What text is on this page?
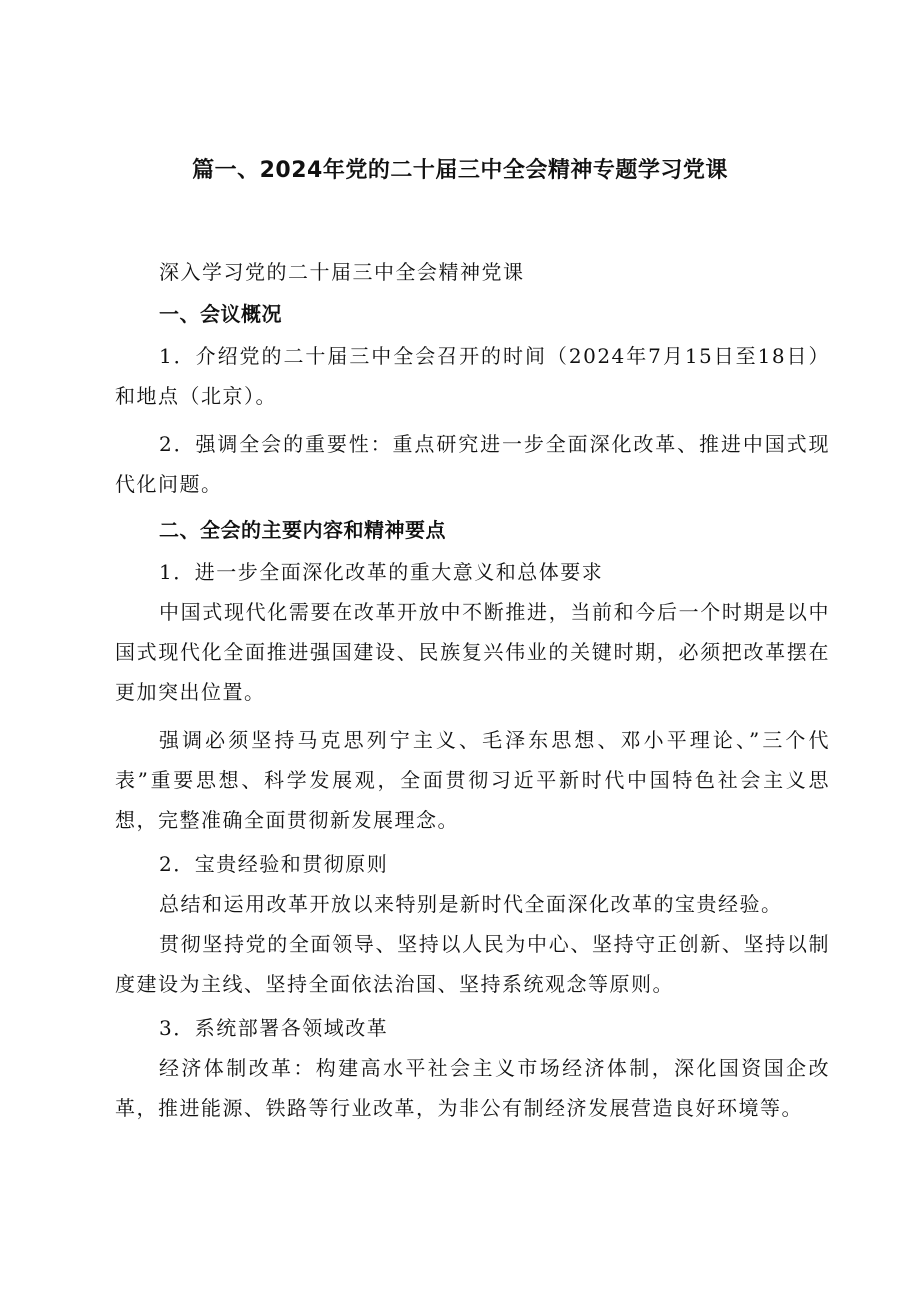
篇一、2024年党的二十届三中全会精神专题学习党课

深入学习党的二十届三中全会精神党课

一、会议概况

1．介绍党的二十届三中全会召开的时间（2024年7月15日至18日）和地点（北京）。

2．强调全会的重要性：重点研究进一步全面深化改革、推进中国式现代化问题。

二、全会的主要内容和精神要点

1．进一步全面深化改革的重大意义和总体要求

中国式现代化需要在改革开放中不断推进，当前和今后一个时期是以中国式现代化全面推进强国建设、民族复兴伟业的关键时期，必须把改革摆在更加突出位置。

强调必须坚持马克思列宁主义、毛泽东思想、邓小平理论、”三个代表”重要思想、科学发展观，全面贯彻习近平新时代中国特色社会主义思想，完整准确全面贯彻新发展理念。

2．宝贵经验和贯彻原则

总结和运用改革开放以来特别是新时代全面深化改革的宝贵经验。

贯彻坚持党的全面领导、坚持以人民为中心、坚持守正创新、坚持以制度建设为主线、坚持全面依法治国、坚持系统观念等原则。

3．系统部署各领域改革

经济体制改革：构建高水平社会主义市场经济体制，深化国资国企改革，推进能源、铁路等行业改革，为非公有制经济发展营造良好环境等。
